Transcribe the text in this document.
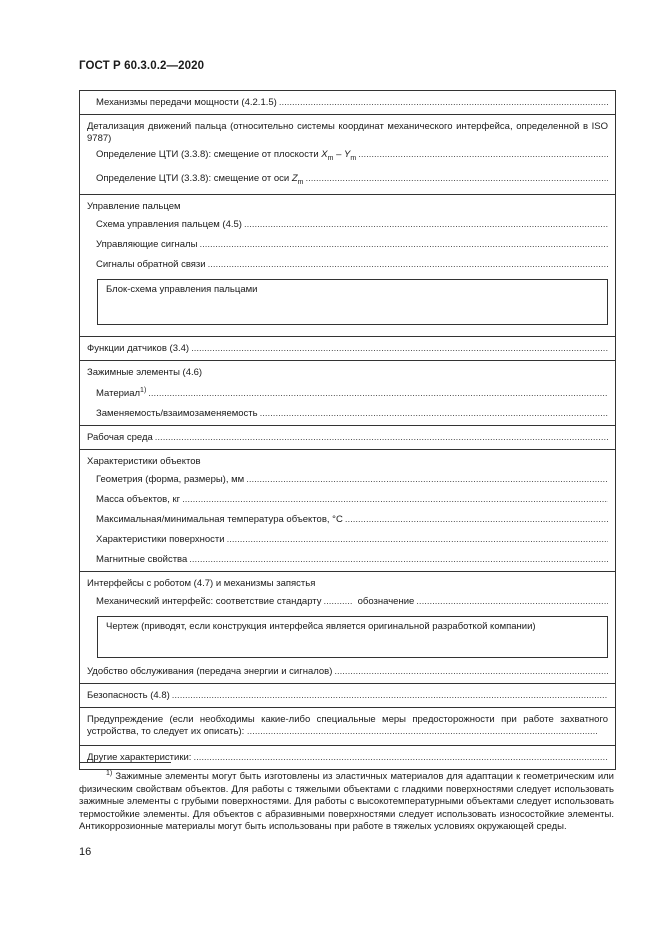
ГОСТ Р 60.3.0.2—2020
Механизмы передачи мощности (4.2.1.5)
.....
Детализация движений пальца (относительно системы координат механического интерфейса, определенной в ISO 9787)
Определение ЦТИ (3.3.8): смещение от плоскости $X_m - Y_m$
.....
Определение ЦТИ (3.3.8): смещение от оси $Z_m$
.....
Управление пальцем
Схема управления пальцем (4.5)
.....
Управляющие сигналы
.....
Сигналы обратной связи
.....
Блок-схема управления пальцами
Функции датчиков (3.4)
.....
Зажимные элементы (4.6)
Материал$^{1)}$
.....
Заменяемость/взаимозаменяемость
.....
Рабочая среда
.....
Характеристики объектов
Геометрия (форма, размеры), мм
.....
Масса объектов, кг
.....
Максимальная/минимальная температура объектов, °С
.....
Характеристики поверхности
.....
Магнитные свойства
.....
Интерфейсы с роботом (4.7) и механизмы запястья
Механический интерфейс: соответствие стандарту
.....	обозначение
.....
Чертеж (приводят, если конструкция интерфейса является оригинальной разработкой компании)
Удобство обслуживания (передача энергии и сигналов)
.....
Безопасность (4.8)
.....
Предупреждение (если необходимы какие-либо специальные меры предосторожности при работе захватного устройства, то следует их описать): .....
Другие характеристики:
.....
$^{1)}$ Зажимные элементы могут быть изготовлены из эластичных материалов для адаптации к геометрическим или физическим свойствам объектов. Для работы с тяжелыми объектами с гладкими поверхностями следует использовать зажимные элементы с грубыми поверхностями. Для работы с высокотемпературными объектами следует использовать термостойкие элементы. Для объектов с абразивными поверхностями следует использовать износостойкие элементы. Антикоррозионные материалы могут быть использованы при работе в тяжелых условиях окружающей среды.
16
